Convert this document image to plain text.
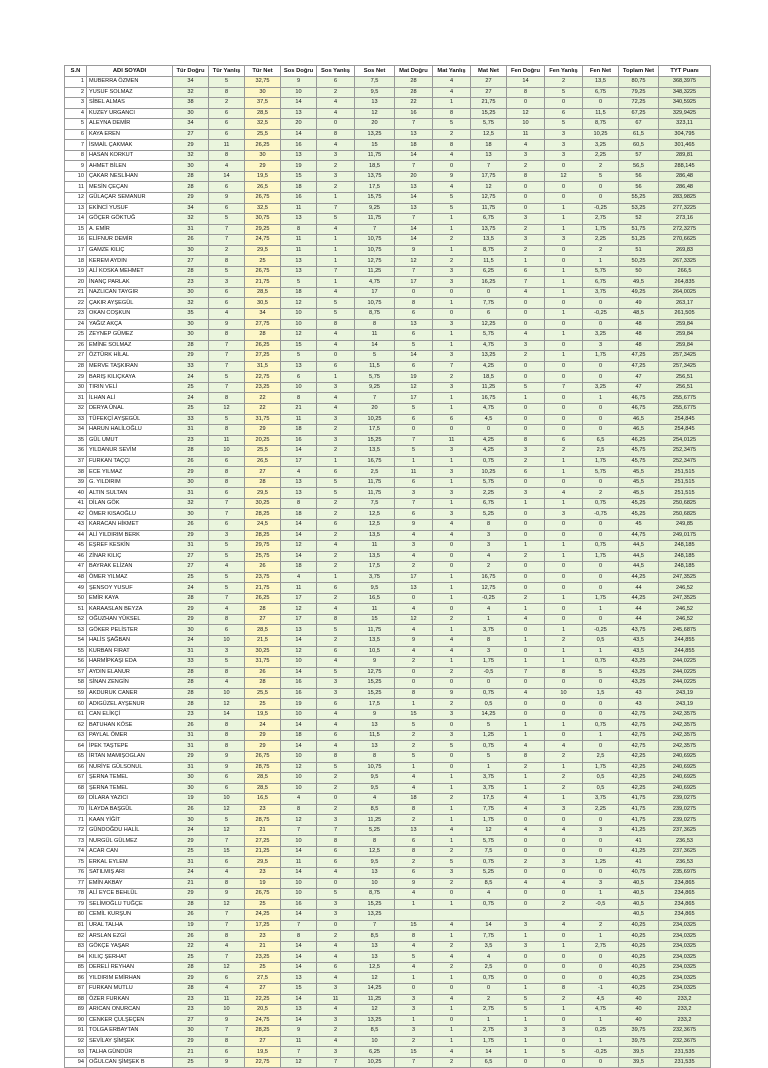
S.N	ADI SOYADI	Tür Doğru	Tür Yanlış	Tür Net	Sos Doğru	Sos Yanlış	Sos Net	Mat Doğru	Mat Yanlış	Mat Net	Fen Doğru	Fen Yanlış	Fen Net	Toplam Net	TYT Puanı
1	MUBERRA ÖZMEN	34	5	32,75	9	6	7,5	28	4	27	14	2	13,5	80,75	368,3975
2	YUSUF SOLMAZ	32	8	30	10	2	9,5	28	4	27	8	5	6,75	79,25	348,3225
3	SİBEL ALMAS	38	2	37,5	14	4	13	22	1	21,75	0	0	0	72,25	340,5925
4	KUZEY URGANCI	30	6	28,5	13	4	12	16	8	15,25	12	6	11,5	67,25	329,9425
5	ALEYNA DEMİR	34	6	32,5	20	0	20	7	5	5,75	10	5	8,75	67	323,11
6	KAYA EREN	27	6	25,5	14	8	13,25	13	2	12,5	11	3	10,25	61,5	304,795
7	İSMAİL ÇAKMAK	29	11	26,25	16	4	15	18	8	18	4	3	3,25	60,5	301,465
8	HASAN KORKUT	32	8	30	13	3	11,75	14	4	13	3	3	2,25	57	289,81
9	AHMET BİLEN	30	4	29	19	2	18,5	7	0	7	2	0	2	56,5	288,145
10	ÇAKAR NESLİHAN	28	14	19,5	15	3	13,75	20	9	17,75	8	12	5	56	286,48
11	MESİN ÇEÇAN	28	6	26,5	18	2	17,5	13	4	12	0	0	0	56	286,48
12	GÜLAÇAR SEMANUR	29	9	26,75	16	1	15,75	14	5	12,75	0	0	0	55,25	283,9825
13	EKİNCİ YUSUF	34	6	32,5	11	7	9,25	13	5	11,75	0	1	-0,25	53,25	277,3225
14	GÖÇER GÖKTUĞ	32	5	30,75	13	5	11,75	7	1	6,75	3	1	2,75	52	273,16
15	A. EMİR	31	7	29,25	8	4	7	14	1	13,75	2	1	1,75	51,75	272,3275
16	ELİFNUR DEMİR	26	7	24,75	11	1	10,75	14	2	13,5	3	3	2,25	51,25	270,6625
17	GAMZE KILIÇ	30	2	29,5	11	1	10,75	9	1	8,75	2	0	2	51	269,83
18	KEREM AYDIN	27	8	25	13	1	12,75	12	2	11,5	1	0	1	50,25	267,3325
19	ALİ KOSKA MEHMET	28	5	26,75	13	7	11,25	7	3	6,25	6	1	5,75	50	266,5
20	İNANÇ PARLAK	23	3	21,75	5	1	4,75	17	3	16,25	7	1	6,75	49,5	264,835
21	NAZLICAN TAYGIR	30	6	28,5	18	4	17	0	0	0	4	1	3,75	49,25	264,0025
22	ÇAKIR AYŞEGÜL	32	6	30,5	12	5	10,75	8	1	7,75	0	0	0	49	263,17
23	OKAN COŞKUN	35	4	34	10	5	8,75	6	0	6	0	1	-0,25	48,5	261,505
24	YAĞIZ AKÇA	30	9	27,75	10	8	8	13	3	12,25	0	0	0	48	259,84
25	ZEYNEP GÜMEZ	30	8	28	12	4	11	6	1	5,75	4	1	3,25	48	259,84
26	EMİNE SOLMAZ	28	7	26,25	15	4	14	5	1	4,75	3	0	3	48	259,84
27	ÖZTÜRK HİLAL	29	7	27,25	5	0	5	14	3	13,25	2	1	1,75	47,25	257,3425
28	MERVE TAŞKIRAN	33	7	31,5	13	6	11,5	6	7	4,25	0	0	0	47,25	257,3425
29	BARIŞ KILIÇKAYA	24	5	22,75	6	1	5,75	19	2	18,5	0	0	0	47	256,51
30	TIRIN VELİ	25	7	23,25	10	3	9,25	12	3	11,25	5	7	3,25	47	256,51
31	İLHAN ALİ	24	8	22	8	4	7	17	1	16,75	1	0	1	46,75	255,6775
32	DERYA ÜNAL	25	12	22	21	4	20	5	1	4,75	0	0	0	46,75	255,6775
33	TÜFEKÇİ AYŞEGÜL	33	5	31,75	11	3	10,25	6	6	4,5	0	0	0	46,5	254,845
34	HARUN HALİLOĞLU	31	8	29	18	2	17,5	0	0	0	0	0	0	46,5	254,845
35	GÜL UMUT	23	11	20,25	16	3	15,25	7	11	4,25	8	6	6,5	46,25	254,0125
36	YILDANUR SEVİM	28	10	25,5	14	2	13,5	5	3	4,25	3	2	2,5	45,75	252,3475
37	FURKAN TAÇÇI	26	6	26,5	17	1	16,75	1	1	0,75	2	1	1,75	45,75	252,3475
38	ECE YILMAZ	29	8	27	4	6	2,5	11	3	10,25	6	1	5,75	45,5	251,515
39	G. YILDIRIM	30	8	28	13	5	11,75	6	1	5,75	0	0	0	45,5	251,515
40	ALTIN SULTAN	31	6	29,5	13	5	11,75	3	3	2,25	3	4	2	45,5	251,515
41	DİLAN GÖK	32	7	30,25	8	2	7,5	7	1	6,75	1	1	0,75	45,25	250,6825
42	ÖMER KISAOĞLU	30	7	28,25	18	2	12,5	6	3	5,25	0	3	-0,75	45,25	250,6825
43	KARACAN HİKMET	26	6	24,5	14	6	12,5	9	4	8	0	0	0	45	249,85
44	ALİ YILDIRIM BERK	29	3	28,25	14	2	13,5	4	4	3	0	0	0	44,75	249,0175
45	EŞREF KESKİN	31	5	29,75	12	4	11	3	0	3	1	1	0,75	44,5	248,185
46	ZİNAR KILIÇ	27	5	25,75	14	2	13,5	4	0	4	2	1	1,75	44,5	248,185
47	BAYRAK ELİZAN	27	4	26	18	2	17,5	2	0	2	0	0	0	44,5	248,185
48	ÖMER YILMAZ	25	5	23,75	4	1	3,75	17	1	16,75	0	0	0	44,25	247,3525
49	ŞENSOY YUSUF	24	5	21,75	11	6	9,5	13	1	12,75	0	0	0	44	246,52
50	EMİR KAYA	28	7	26,25	17	2	16,5	0	1	-0,25	2	1	1,75	44,25	247,3525
51	KARAASLAN BEYZA	29	4	28	12	4	11	4	0	4	1	0	1	44	246,52
52	OĞUZHAN YÜKSEL	29	8	27	17	8	15	12	2	1	4	0	0	44	246,52
53	GÖKER PELİSTER	30	6	28,5	13	5	11,75	4	1	3,75	0	1	-0,25	43,75	245,6875
54	HALİS ŞAĞBAN	24	10	21,5	14	2	13,5	9	4	8	1	2	0,5	43,5	244,855
55	KURBAN FIRAT	31	3	30,25	12	6	10,5	4	4	3	0	1	1	43,5	244,855
56	HARMİPKAŞI EDA	33	5	31,75	10	4	9	2	1	1,75	1	1	0,75	43,25	244,0225
57	AYDIN ELANUR	28	8	26	14	5	12,75	0	2	-0,5	7	8	5	43,25	244,0225
58	SİNAN ZENGİN	28	4	28	16	3	15,25	0	0	0	0	0	0	43,25	244,0225
59	AKDURUK CANER	28	10	25,5	16	3	15,25	8	9	0,75	4	10	1,5	43	243,19
60	ADIGÜZEL AYŞENUR	28	12	25	19	6	17,5	1	2	0,5	0	0	0	43	243,19
61	CAN ELİKÇİ	23	14	19,5	10	4	9	15	3	14,25	0	0	0	42,75	242,3575
62	BATUHAN KÖSE	26	8	24	14	4	13	5	0	5	1	1	0,75	42,75	242,3575
63	PAYLAL ÖMER	31	8	29	18	6	11,5	2	3	1,25	1	0	1	42,75	242,3575
64	İPEK TAŞTEPE	31	8	29	14	4	13	2	5	0,75	4	4	0	42,75	242,3575
65	İRTAN MAMIŞOGLAN	29	9	26,75	10	8	8	5	0	5	8	2	2,5	42,25	240,6925
66	NURİYE GÜLSONUL	31	9	28,75	12	5	10,75	1	0	1	2	1	1,75	42,25	240,6925
67	ŞERNA TEMEL	30	6	28,5	10	2	9,5	4	1	3,75	1	2	0,5	42,25	240,6925
68	ŞERNA TEMEL	30	6	28,5	10	2	9,5	4	1	3,75	1	2	0,5	42,25	240,6925
69	DİLARA YAZICI	19	10	16,5	4	0	4	18	2	17,5	4	1	3,75	41,75	239,0275
70	İLAYDA BAŞGÜL	26	12	23	8	2	8,5	8	1	7,75	4	3	2,25	41,75	239,0275
71	KAAN YİĞİT	30	5	28,75	12	3	11,25	2	1	1,75	0	0	0	41,75	239,0275
72	GÜNDOĞDU HALİL	24	12	21	7	7	5,25	13	4	12	4	4	3	41,25	237,3625
73	NURGÜL GÜLMEZ	29	7	27,25	10	8	8	6	1	5,75	0	0	0	41	236,53
74	ACAR CAN	25	15	21,25	14	6	12,5	8	2	7,5	0	0	0	41,25	237,3625
75	ERKAL EYLEM	31	6	29,5	11	6	9,5	2	5	0,75	2	3	1,25	41	236,53
76	SATILMIŞ ARI	24	4	23	14	4	13	6	3	5,25	0	0	0	40,75	235,6975
77	EMİN AKBAY	21	8	19	10	0	10	9	2	8,5	4	4	3	40,5	234,865
78	ALİ EYCE BEHLÜL	29	9	26,75	10	5	8,75	4	0	4	0	0	1	40,5	234,865
79	SELİMOĞLU TUĞÇE	28	12	25	16	3	15,25	1	1	0,75	0	2	-0,5	40,5	234,865
80	CEMİL KURŞUN	26	7	24,25	14	3	13,25							40,5	234,865
81	URAL TALHA	19	7	17,25	7	0	7	15	4	14	3	4	2	40,25	234,0325
82	ARSLAN EZGİ	26	8	23	8	2	8,5	8	1	7,75	1	0	1	40,25	234,0325
83	GÖKÇE YAŞAR	22	4	21	14	4	13	4	2	3,5	3	1	2,75	40,25	234,0325
84	KILIÇ ŞERHAT	25	7	23,25	14	4	13	5	4	4	0	0	0	40,25	234,0325
85	DERELİ REYHAN	28	12	25	14	6	12,5	4	2	2,5	0	0	0	40,25	234,0325
86	YILDIRIM EMİRHAN	29	6	27,5	13	4	12	1	1	0,75	0	0	0	40,25	234,0325
87	FURKAN MUTLU	28	4	27	15	3	14,25	0	0	0	1	8	-1	40,25	234,0325
88	ÖZER FURKAN	23	11	22,25	14	11	11,25	3	4	2	5	2	4,5	40	233,2
89	ARICAN ONURCAN	23	10	20,5	13	4	12	3	1	2,75	5	1	4,75	40	233,2
90	CENKER ÇULŞEÇEN	27	9	24,75	14	3	13,25	1	0	1	1	0	1	40	233,2
91	TOLGA ERBAYTAN	30	7	28,25	9	2	8,5	3	1	2,75	3	3	0,25	39,75	232,3675
92	SEVİLAY ŞİMŞEK	29	8	27	11	4	10	2	1	1,75	1	0	1	39,75	232,3675
93	TALHA GÜNDÜR	21	6	19,5	7	3	6,25	15	4	14	1	5	-0,25	39,5	231,535
94	OĞULCAN ŞİMŞEK B	25	9	22,75	12	7	10,25	7	2	6,5	0	0	0	39,5	231,535
